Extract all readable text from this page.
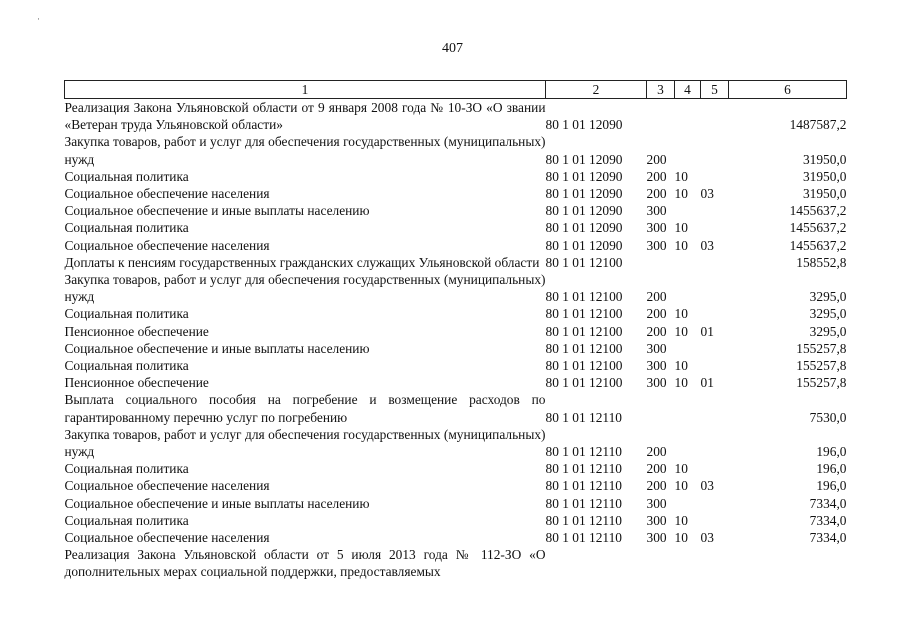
·
407
1	2	3	4	5	6
Реализация Закона Ульяновской области от 9 января 2008 года № 10-ЗО «О звании «Ветеран труда Ульяновской области»	80 1 01 12090				1487587,2
Закупка товаров, работ и услуг для обеспечения государственных (муниципальных) нужд	80 1 01 12090	200			31950,0
Социальная политика	80 1 01 12090	200	10		31950,0
Социальное обеспечение населения	80 1 01 12090	200	10	03	31950,0
Социальное обеспечение и иные выплаты населению	80 1 01 12090	300			1455637,2
Социальная политика	80 1 01 12090	300	10		1455637,2
Социальное обеспечение населения	80 1 01 12090	300	10	03	1455637,2
Доплаты к пенсиям государственных гражданских служащих Ульяновской области	80 1 01 12100				158552,8
Закупка товаров, работ и услуг для обеспечения государственных (муниципальных) нужд	80 1 01 12100	200			3295,0
Социальная политика	80 1 01 12100	200	10		3295,0
Пенсионное обеспечение	80 1 01 12100	200	10	01	3295,0
Социальное обеспечение и иные выплаты населению	80 1 01 12100	300			155257,8
Социальная политика	80 1 01 12100	300	10		155257,8
Пенсионное обеспечение	80 1 01 12100	300	10	01	155257,8
Выплата социального пособия на погребение и возмещение расходов по гарантированному перечню услуг по погребению	80 1 01 12110				7530,0
Закупка товаров, работ и услуг для обеспечения государственных (муниципальных) нужд	80 1 01 12110	200			196,0
Социальная политика	80 1 01 12110	200	10		196,0
Социальное обеспечение населения	80 1 01 12110	200	10	03	196,0
Социальное обеспечение и иные выплаты населению	80 1 01 12110	300			7334,0
Социальная политика	80 1 01 12110	300	10		7334,0
Социальное обеспечение населения	80 1 01 12110	300	10	03	7334,0
Реализация Закона Ульяновской области от 5 июля 2013 года № 112-ЗО «О дополнительных мерах социальной поддержки, предоставляемых					
